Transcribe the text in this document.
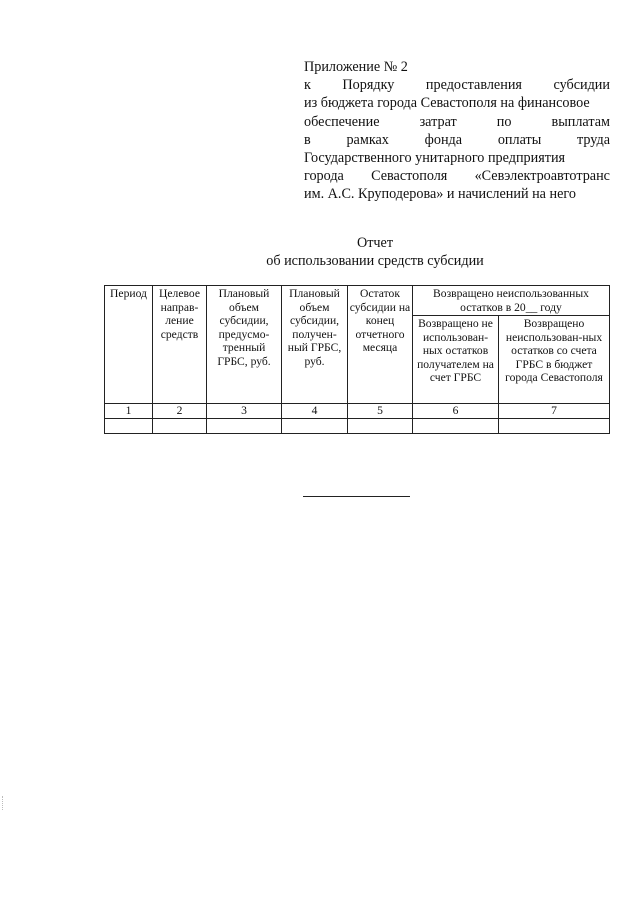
Приложение № 2
к Порядку предоставления субсидии
из бюджета города Севастополя на финансовое
обеспечение	затрат	по	выплатам
в	рамках	фонда	оплаты	труда
Государственного унитарного предприятия
города Севастополя «Севэлектроавтотранс
им. А.С. Круподерова» и начислений на него
Отчет
об использовании средств субсидии
Период	Целевое направ-ление средств	Плановый объем субсидии, предусмо-тренный ГРБС, руб.	Плановый объем субсидии, получен-ный ГРБС, руб.	Остаток субсидии на конец отчетного месяца	Возвращено неиспользованных остатков в 20__ году	
					Возвращено не использован-ных остатков получателем на счет ГРБС	Возвращено неиспользован-ных остатков со счета ГРБС в бюджет города Севастополя
1	2	3	4	5	6	7
